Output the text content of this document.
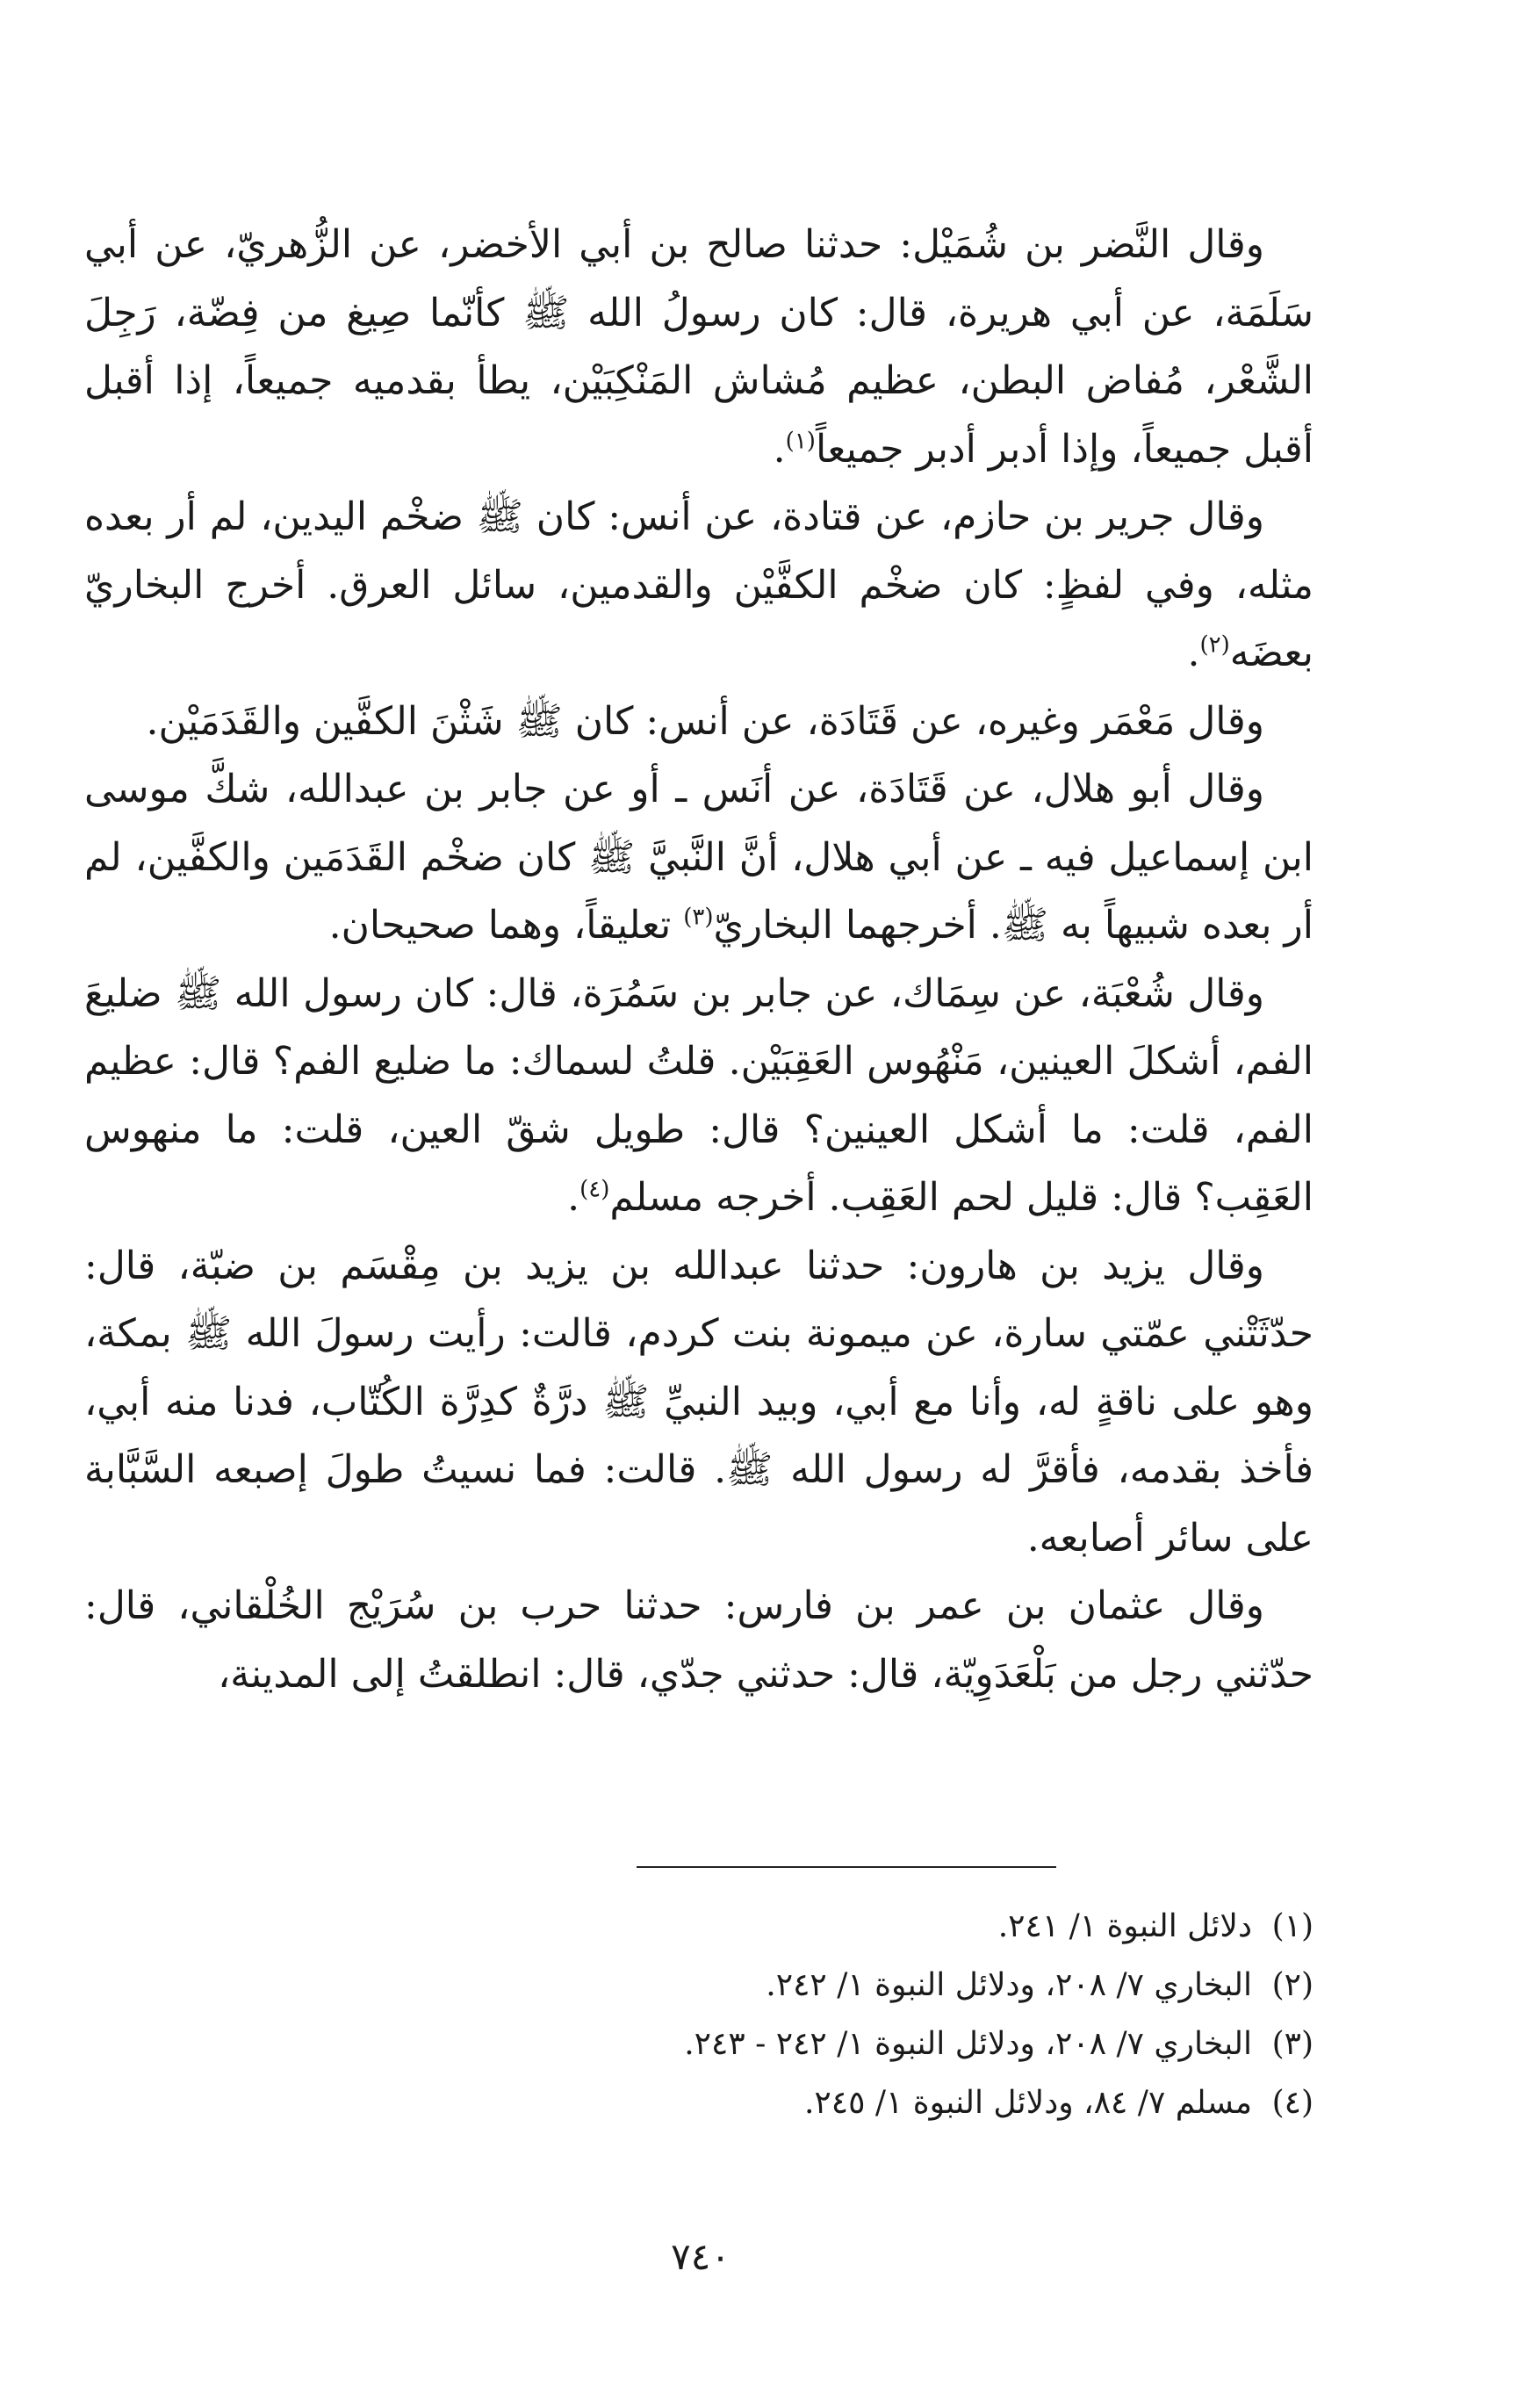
وقال النَّضر بن شُمَيْل: حدثنا صالح بن أبي الأخضر، عن الزُّهريّ، عن أبي سَلَمَة، عن أبي هريرة، قال: كان رسولُ الله ﷺ كأنّما صِيغ من فِضّة، رَجِلَ الشَّعْر، مُفاض البطن، عظيم مُشاش المَنْكِبَيْن، يطأ بقدميه جميعاً، إذا أقبل أقبل جميعاً، وإذا أدبر أدبر جميعاً$^{(١)}$.

وقال جرير بن حازم، عن قتادة، عن أنس: كان ﷺ ضخْم اليدين، لم أر بعده مثله، وفي لفظٍ: كان ضخْم الكفَّيْن والقدمين، سائل العرق. أخرج البخاريّ بعضَه$^{(٢)}$.

وقال مَعْمَر وغيره، عن قَتَادَة، عن أنس: كان ﷺ شَثْنَ الكفَّين والقَدَمَيْن.

وقال أبو هلال، عن قَتَادَة، عن أنَس ـ أو عن جابر بن عبدالله، شكَّ موسى ابن إسماعيل فيه ـ عن أبي هلال، أنَّ النَّبيَّ ﷺ كان ضخْم القَدَمَين والكفَّين، لم أر بعده شبيهاً به ﷺ. أخرجهما البخاريّ$^{(٣)}$ تعليقاً، وهما صحيحان.

وقال شُعْبَة، عن سِمَاك، عن جابر بن سَمُرَة، قال: كان رسول الله ﷺ ضليعَ الفم، أشكلَ العينين، مَنْهُوس العَقِبَيْن. قلتُ لسماك: ما ضليع الفم؟ قال: عظيم الفم، قلت: ما أشكل العينين؟ قال: طويل شقّ العين، قلت: ما منهوس العَقِب؟ قال: قليل لحم العَقِب. أخرجه مسلم$^{(٤)}$.

وقال يزيد بن هارون: حدثنا عبدالله بن يزيد بن مِقْسَم بن ضبّة، قال: حدّثَتْني عمّتي سارة، عن ميمونة بنت كردم، قالت: رأيت رسولَ الله ﷺ بمكة، وهو على ناقةٍ له، وأنا مع أبي، وبيد النبيِّ ﷺ درَّةٌ كدِرَّة الكُتّاب، فدنا منه أبي، فأخذ بقدمه، فأقرَّ له رسول الله ﷺ. قالت: فما نسيتُ طولَ إصبعه السَّبَّابة على سائر أصابعه.

وقال عثمان بن عمر بن فارس: حدثنا حرب بن سُرَيْج الخُلْقاني، قال: حدّثني رجل من بَلْعَدَوِيّة، قال: حدثني جدّي، قال: انطلقتُ إلى المدينة،

(١)دلائل النبوة ١/ ٢٤١.

(٢)البخاري ٧/ ٢٠٨، ودلائل النبوة ١/ ٢٤٢.

(٣)البخاري ٧/ ٢٠٨، ودلائل النبوة ١/ ٢٤٢ - ٢٤٣.

(٤)مسلم ٧/ ٨٤، ودلائل النبوة ١/ ٢٤٥.

٧٤٠
